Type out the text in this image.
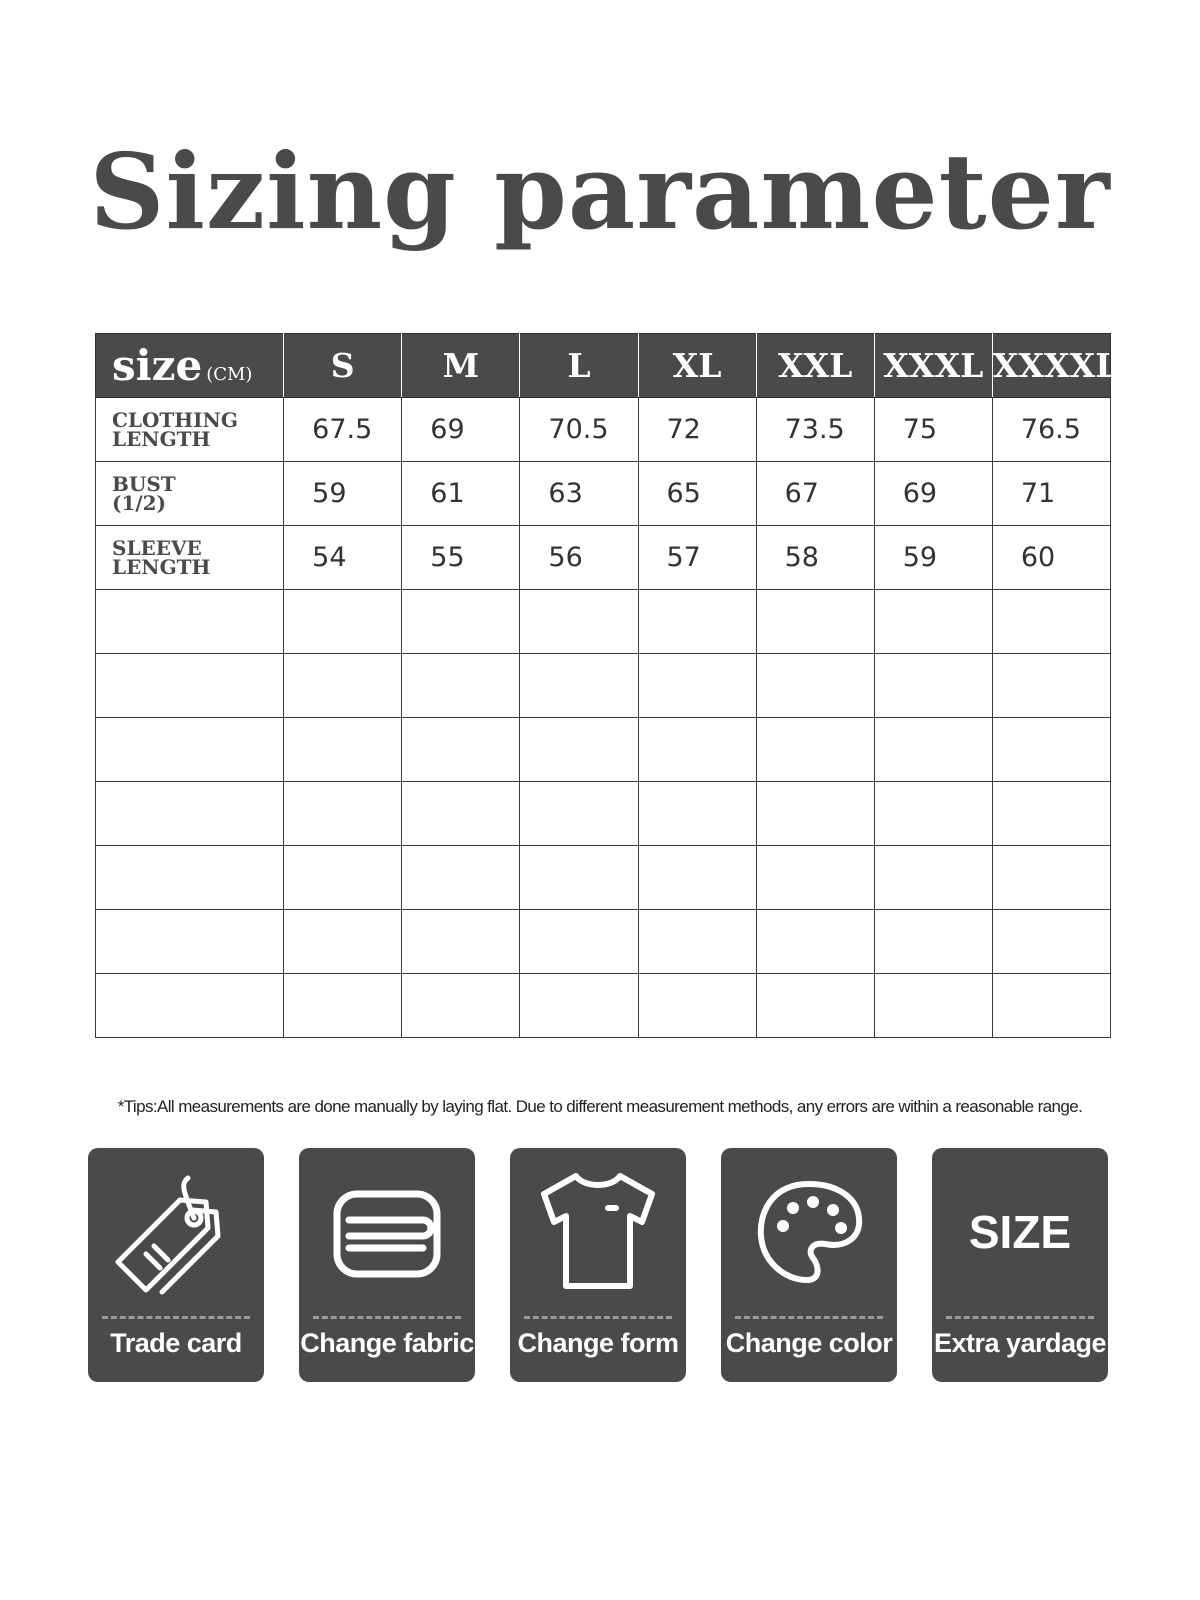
Sizing parameter
size (CM)	S	M	L	XL	XXL	XXXL	XXXXL
CLOTHING
LENGTH	67.5	69	70.5	72	73.5	75	76.5
BUST
(1/2)	59	61	63	65	67	69	71
SLEEVE
LENGTH	54	55	56	57	58	59	60

*Tips:All measurements are done manually by laying flat. Due to different measurement methods, any errors are within a reasonable range.
Trade card	Change fabric Change form Change color
SIZE
Extra yardage
